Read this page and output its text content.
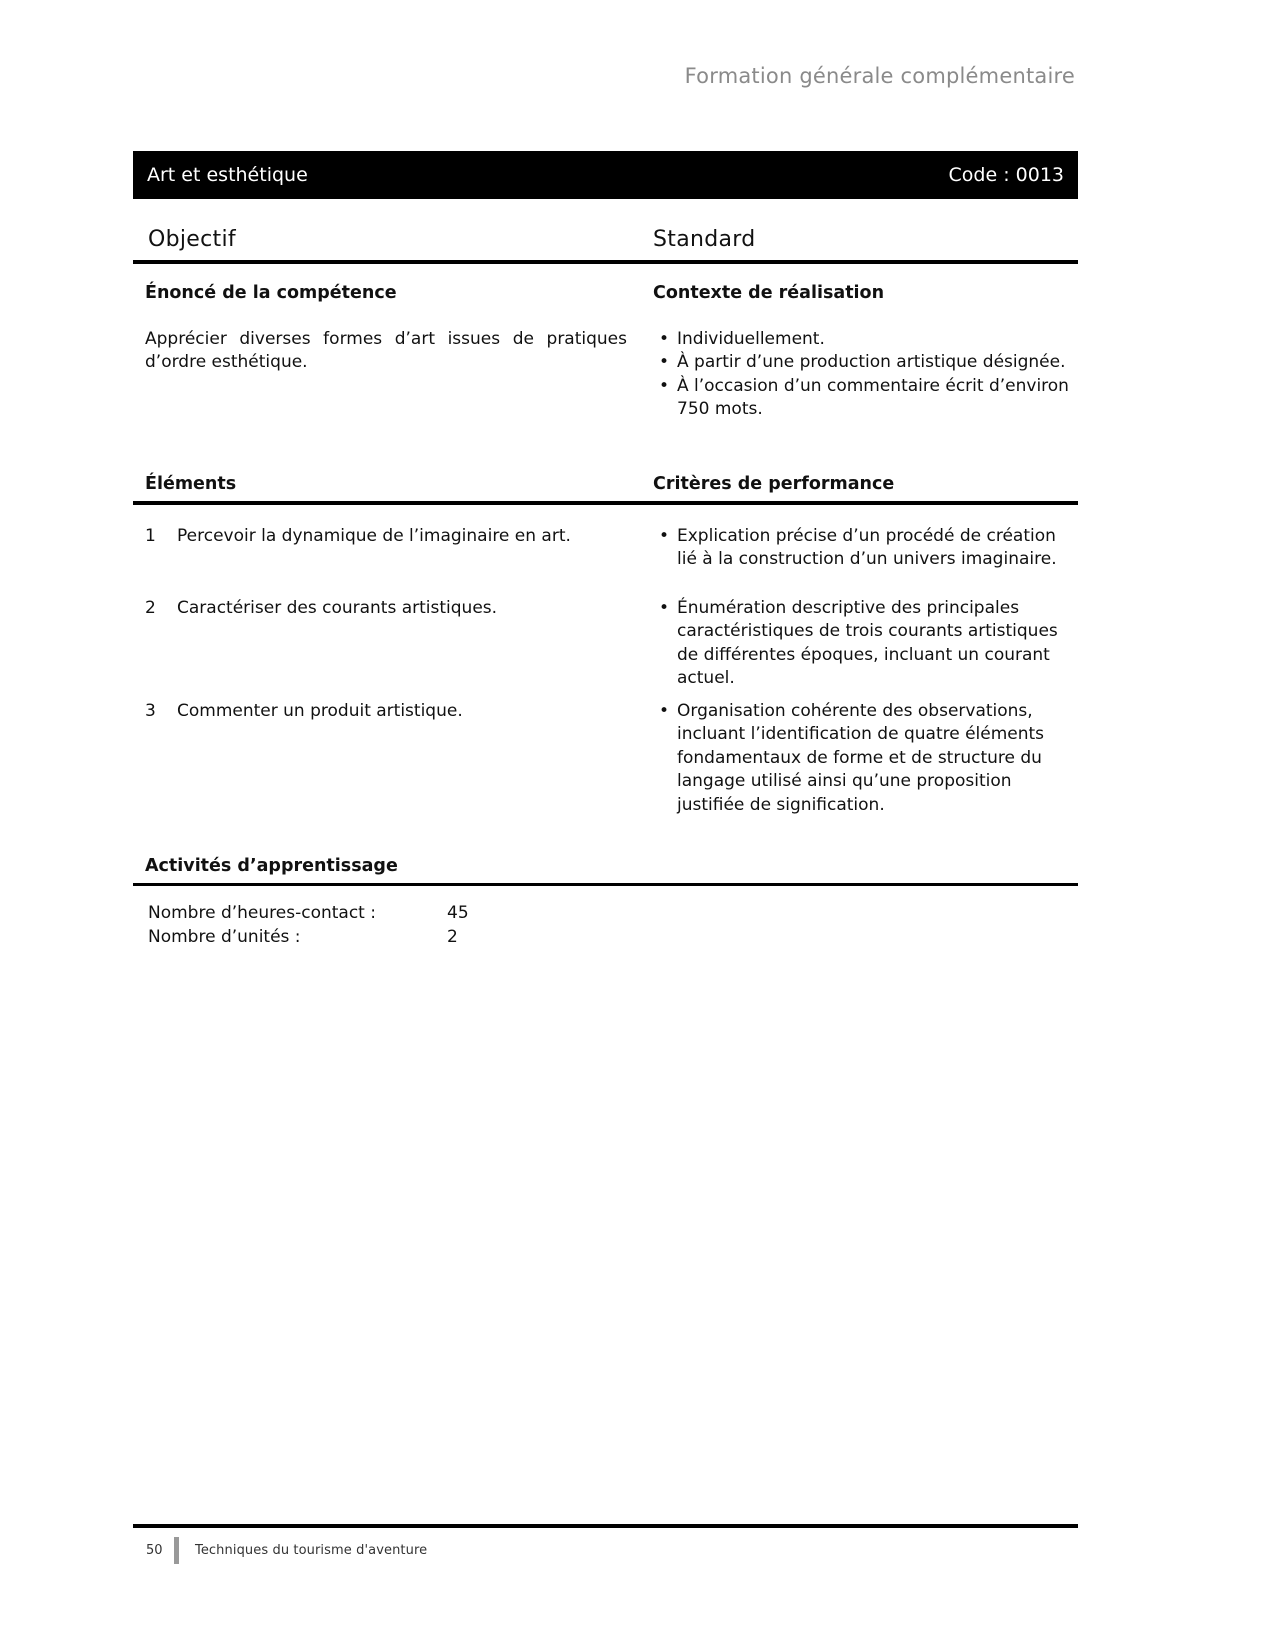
Formation générale complémentaire
Art et esthétique	Code : 0013
Objectif	Standard
Énoncé de la compétence	Contexte de réalisation
Apprécier diverses formes d’art issues de pratiques d’ordre esthétique.
• Individuellement.
• À partir d’une production artistique désignée.
• À l’occasion d’un commentaire écrit d’environ 750 mots.
Éléments	Critères de performance
1	Percevoir la dynamique de l’imaginaire en art.	• Explication précise d’un procédé de création lié à la construction d’un univers imaginaire.
2	Caractériser des courants artistiques.	• Énumération descriptive des principales caractéristiques de trois courants artistiques de différentes époques, incluant un courant actuel.
3	Commenter un produit artistique.	• Organisation cohérente des observations, incluant l’identification de quatre éléments fondamentaux de forme et de structure du langage utilisé ainsi qu’une proposition justifiée de signification.
Activités d’apprentissage
Nombre d’heures-contact :	45
Nombre d’unités :	2
50	Techniques du tourisme d'aventure
